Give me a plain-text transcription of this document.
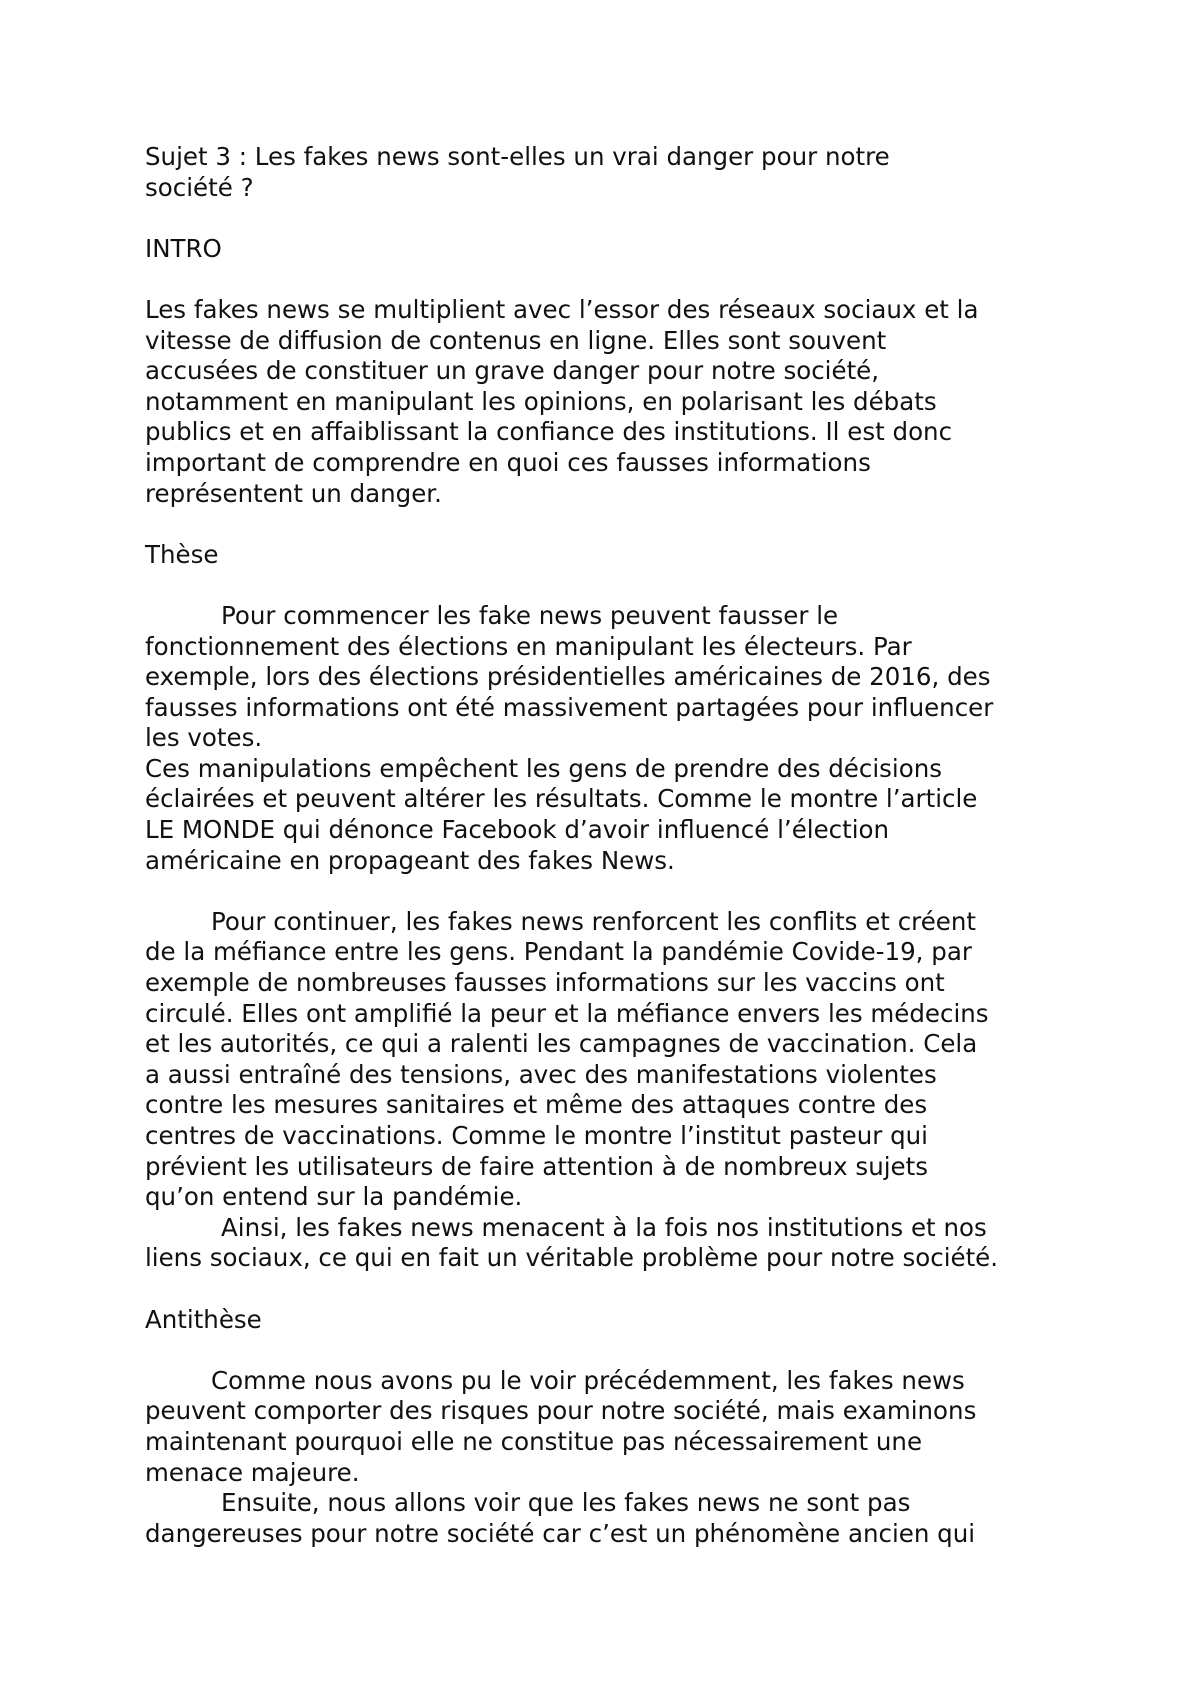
Sujet 3 : Les fakes news sont-elles un vrai danger pour notre
société ?

INTRO

Les fakes news se multiplient avec l’essor des réseaux sociaux et la
vitesse de diffusion de contenus en ligne. Elles sont souvent
accusées de constituer un grave danger pour notre société,
notamment en manipulant les opinions, en polarisant les débats
publics et en affaiblissant la confiance des institutions. Il est donc
important de comprendre en quoi ces fausses informations
représentent un danger.

Thèse

Pour commencer les fake news peuvent fausser le
fonctionnement des élections en manipulant les électeurs. Par
exemple, lors des élections présidentielles américaines de 2016, des
fausses informations ont été massivement partagées pour influencer
les votes.
Ces manipulations empêchent les gens de prendre des décisions
éclairées et peuvent altérer les résultats. Comme le montre l’article
LE MONDE qui dénonce Facebook d’avoir influencé l’élection
américaine en propageant des fakes News.

Pour continuer, les fakes news renforcent les conflits et créent
de la méfiance entre les gens. Pendant la pandémie Covide-19, par
exemple de nombreuses fausses informations sur les vaccins ont
circulé. Elles ont amplifié la peur et la méfiance envers les médecins
et les autorités, ce qui a ralenti les campagnes de vaccination. Cela
a aussi entraîné des tensions, avec des manifestations violentes
contre les mesures sanitaires et même des attaques contre des
centres de vaccinations. Comme le montre l’institut pasteur qui
prévient les utilisateurs de faire attention à de nombreux sujets
qu’on entend sur la pandémie.

Ainsi, les fakes news menacent à la fois nos institutions et nos
liens sociaux, ce qui en fait un véritable problème pour notre société.

Antithèse

Comme nous avons pu le voir précédemment, les fakes news
peuvent comporter des risques pour notre société, mais examinons
maintenant pourquoi elle ne constitue pas nécessairement une
menace majeure.

Ensuite, nous allons voir que les fakes news ne sont pas
dangereuses pour notre société car c’est un phénomène ancien qui
